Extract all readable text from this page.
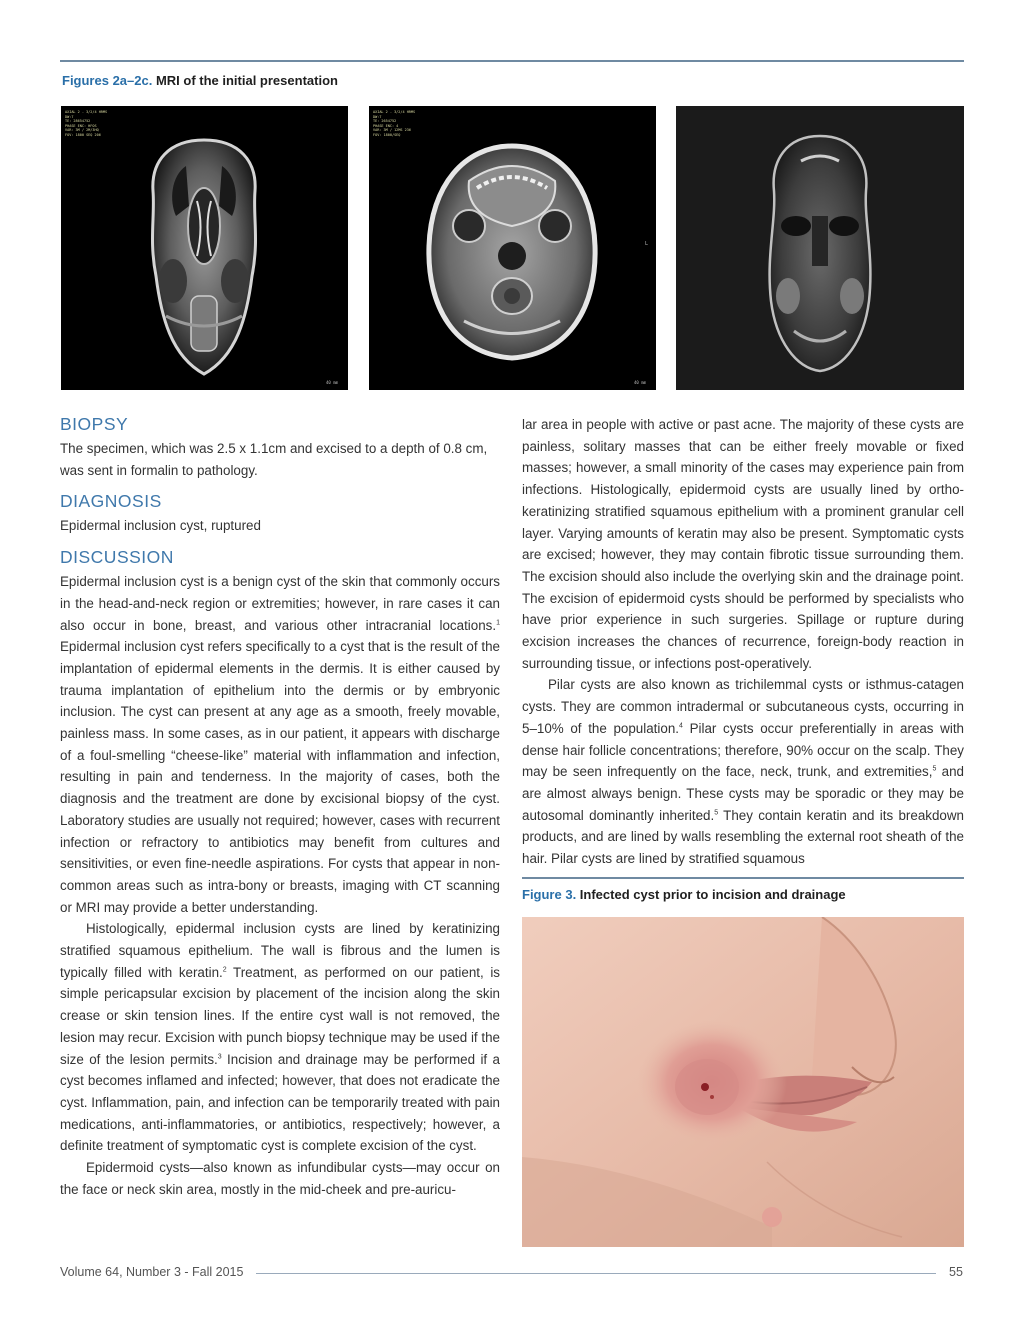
Figures 2a–2c. MRI of the initial presentation
AXIAL 2 - 3/2/4 HRMS
DW:7
TE: 28654752
PHASE ENC: HFOS
VAR: 3M / 2M/3HQ
FOV: 1800 SEQ 206
40 mm
AXIAL 2 - 3/2/4 HRMS
DW:7
TE: 2654752
PHASE ENC: 4
VAR: 3M / 12MS 236
FOV: 1800/SEQ
L
40 mm
BIOPSY

The specimen, which was 2.5 x 1.1cm and excised to a depth of 0.8 cm, was sent in formalin to pathology.

DIAGNOSIS

Epidermal inclusion cyst, ruptured

DISCUSSION

Epidermal inclusion cyst is a benign cyst of the skin that commonly occurs in the head-and-neck region or extremities; however, in rare cases it can also occur in bone, breast, and various other intracranial locations.$^1$ Epidermal inclusion cyst refers specifically to a cyst that is the result of the implantation of epidermal elements in the dermis. It is either caused by trauma implantation of epithelium into the dermis or by embryonic inclusion. The cyst can present at any age as a smooth, freely movable, painless mass. In some cases, as in our patient, it appears with discharge of a foul-smelling “cheese-like” material with inflammation and infection, resulting in pain and tenderness. In the majority of cases, both the diagnosis and the treatment are done by excisional biopsy of the cyst. Laboratory studies are usually not required; however, cases with recurrent infection or refractory to antibiotics may benefit from cultures and sensitivities, or even fine-needle aspirations. For cysts that appear in non-common areas such as intra-bony or breasts, imaging with CT scanning or MRI may provide a better understanding.

Histologically, epidermal inclusion cysts are lined by keratinizing stratified squamous epithelium. The wall is fibrous and the lumen is typically filled with keratin.$^2$ Treatment, as performed on our patient, is simple pericapsular excision by placement of the incision along the skin crease or skin tension lines. If the entire cyst wall is not removed, the lesion may recur. Excision with punch biopsy technique may be used if the size of the lesion permits.$^3$ Incision and drainage may be performed if a cyst becomes inflamed and infected; however, that does not eradicate the cyst. Inflammation, pain, and infection can be temporarily treated with pain medications, anti-inflammatories, or antibiotics, respectively; however, a definite treatment of symptomatic cyst is complete excision of the cyst.

Epidermoid cysts—also known as infundibular cysts—may occur on the face or neck skin area, mostly in the mid-cheek and pre-auricu-

lar area in people with active or past acne. The majority of these cysts are painless, solitary masses that can be either freely movable or fixed masses; however, a small minority of the cases may experience pain from infections. Histologically, epidermoid cysts are usually lined by ortho-keratinizing stratified squamous epithelium with a prominent granular cell layer. Varying amounts of keratin may also be present. Symptomatic cysts are excised; however, they may contain fibrotic tissue surrounding them. The excision should also include the overlying skin and the drainage point. The excision of epidermoid cysts should be performed by specialists who have prior experience in such surgeries. Spillage or rupture during excision increases the chances of recurrence, foreign-body reaction in surrounding tissue, or infections post-operatively.

Pilar cysts are also known as trichilemmal cysts or isthmus-catagen cysts. They are common intradermal or subcutaneous cysts, occurring in 5–10% of the population.$^4$ Pilar cysts occur preferentially in areas with dense hair follicle concentrations; therefore, 90% occur on the scalp. They may be seen infrequently on the face, neck, trunk, and extremities,$^5$ and are almost always benign. These cysts may be sporadic or they may be autosomal dominantly inherited.$^5$ They contain keratin and its breakdown products, and are lined by walls resembling the external root sheath of the hair. Pilar cysts are lined by stratified squamous

Figure 3. Infected cyst prior to incision and drainage
Volume 64, Number 3 - Fall 2015	55
